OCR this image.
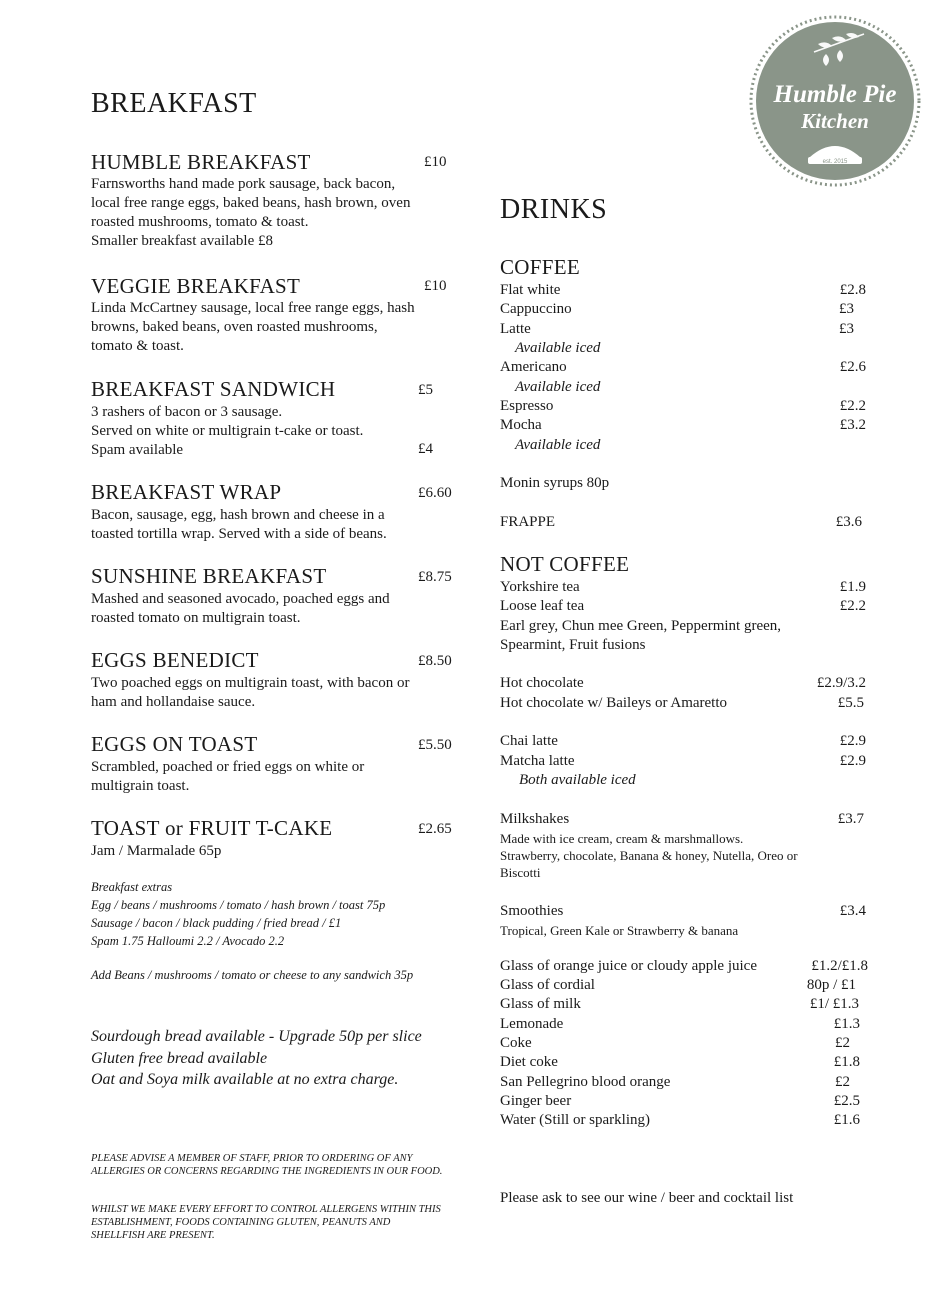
Humble Pie
Kitchen
est. 2015
BREAKFAST
HUMBLE BREAKFAST	£10
Farnsworths hand made pork sausage, back bacon,
local free range eggs, baked beans, hash brown, oven
roasted mushrooms, tomato & toast.
Smaller breakfast available £8
VEGGIE BREAKFAST	£10
Linda McCartney sausage, local free range eggs, hash
browns, baked beans, oven roasted mushrooms,
tomato & toast.
BREAKFAST SANDWICH	£5
3 rashers of bacon or 3 sausage.
Served on white or multigrain t-cake or toast.
Spam available	£4
BREAKFAST WRAP	£6.60
Bacon, sausage, egg, hash brown and cheese in a
toasted tortilla wrap. Served with a side of beans.
SUNSHINE BREAKFAST	£8.75
Mashed and seasoned avocado, poached eggs and
roasted tomato on multigrain toast.
EGGS BENEDICT	£8.50
Two poached eggs on multigrain toast, with bacon or
ham and hollandaise sauce.
EGGS ON TOAST	£5.50
Scrambled, poached or fried eggs on white or
multigrain toast.
TOAST or FRUIT T-CAKE	£2.65
Jam / Marmalade 65p
Breakfast extras
Egg / beans / mushrooms / tomato / hash brown / toast 75p
Sausage / bacon / black pudding / fried bread / £1
Spam 1.75 Halloumi 2.2 / Avocado 2.2
Add Beans / mushrooms / tomato or cheese to any sandwich 35p
Sourdough bread available - Upgrade 50p per slice
Gluten free bread available
Oat and Soya milk available at no extra charge.
PLEASE ADVISE A MEMBER OF STAFF, PRIOR TO ORDERING OF ANY ALLERGIES OR CONCERNS REGARDING THE INGREDIENTS IN OUR FOOD.
WHILST WE MAKE EVERY EFFORT TO CONTROL ALLERGENS WITHIN THIS ESTABLISHMENT, FOODS CONTAINING GLUTEN, PEANUTS AND SHELLFISH ARE PRESENT.
DRINKS
COFFEE
Flat white	£2.8
Cappuccino	£3
Latte	£3
Available iced
Americano	£2.6
Available iced
Espresso	£2.2
Mocha	£3.2
Available iced
Monin syrups 80p
FRAPPE	£3.6
NOT COFFEE
Yorkshire tea	£1.9
Loose leaf tea	£2.2
Earl grey, Chun mee Green, Peppermint green,
Spearmint, Fruit fusions
Hot chocolate	£2.9/3.2
Hot chocolate w/ Baileys or Amaretto	£5.5
Chai latte	£2.9
Matcha latte	£2.9
Both available iced
Milkshakes	£3.7
Made with ice cream, cream & marshmallows.
Strawberry, chocolate, Banana & honey, Nutella, Oreo or
Biscotti
Smoothies	£3.4
Tropical, Green Kale or Strawberry & banana
Glass of orange juice or cloudy apple juice	£1.2/£1.8
Glass of cordial	80p / £1
Glass of milk	£1/ £1.3
Lemonade	£1.3
Coke	£2
Diet coke	£1.8
San Pellegrino blood orange	£2
Ginger beer	£2.5
Water (Still or sparkling)	£1.6
Please ask to see our wine / beer and cocktail list
